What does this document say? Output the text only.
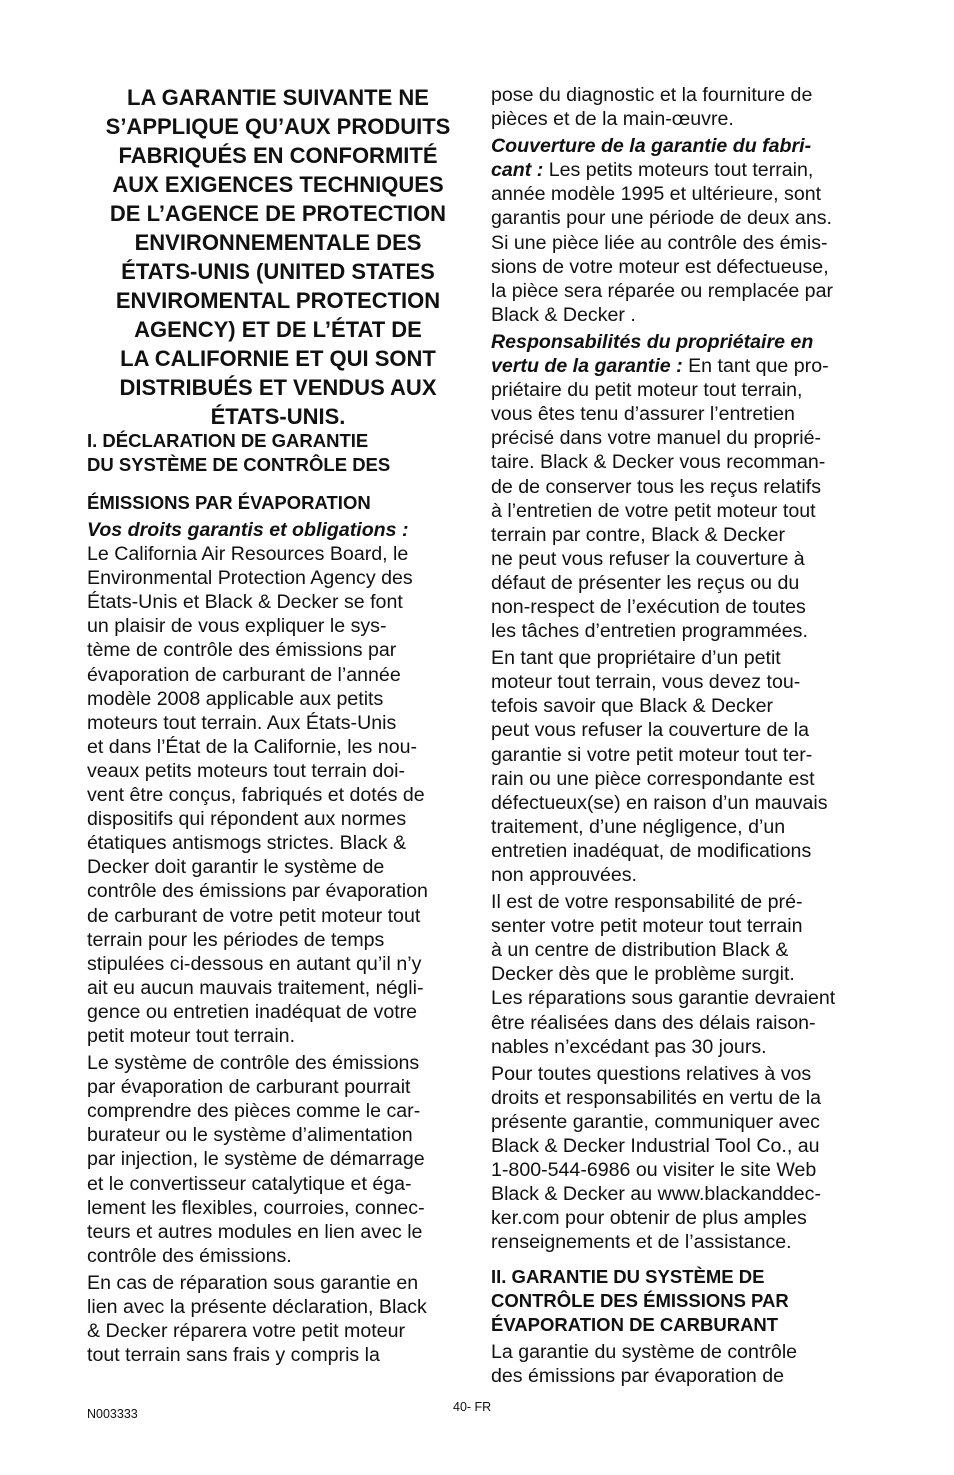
LA GARANTIE SUIVANTE NE
S’APPLIQUE QU’AUX PRODUITS
FABRIQUÉS EN CONFORMITÉ
AUX EXIGENCES TECHNIQUES
DE L’AGENCE DE PROTECTION
ENVIRONNEMENTALE DES
ÉTATS-UNIS (UNITED STATES
ENVIROMENTAL PROTECTION
AGENCY) ET DE L’ÉTAT DE
LA CALIFORNIE ET QUI SONT
DISTRIBUÉS ET VENDUS AUX
ÉTATS-UNIS.
I. DÉCLARATION DE GARANTIE
DU SYSTÈME DE CONTRÔLE DES
ÉMISSIONS PAR ÉVAPORATION
Vos droits garantis et obligations :
Le California Air Resources Board, le
Environmental Protection Agency des
États-Unis et Black & Decker se font
un plaisir de vous expliquer le sys-
tème de contrôle des émissions par
évaporation de carburant de l’année
modèle 2008 applicable aux petits
moteurs tout terrain. Aux États-Unis
et dans l’État de la Californie, les nou-
veaux petits moteurs tout terrain doi-
vent être conçus, fabriqués et dotés de
dispositifs qui répondent aux normes
étatiques antismogs strictes. Black &
Decker doit garantir le système de
contrôle des émissions par évaporation
de carburant de votre petit moteur tout
terrain pour les périodes de temps
stipulées ci-dessous en autant qu’il n’y
ait eu aucun mauvais traitement, négli-
gence ou entretien inadéquat de votre
petit moteur tout terrain.
Le système de contrôle des émissions
par évaporation de carburant pourrait
comprendre des pièces comme le car-
burateur ou le système d’alimentation
par injection, le système de démarrage
et le convertisseur catalytique et éga-
lement les flexibles, courroies, connec-
teurs et autres modules en lien avec le
contrôle des émissions.
En cas de réparation sous garantie en
lien avec la présente déclaration, Black
& Decker réparera votre petit moteur
tout terrain sans frais y compris la
pose du diagnostic et la fourniture de
pièces et de la main-œuvre.
Couverture de la garantie du fabri-
cant : Les petits moteurs tout terrain,
année modèle 1995 et ultérieure, sont
garantis pour une période de deux ans.
Si une pièce liée au contrôle des émis-
sions de votre moteur est défectueuse,
la pièce sera réparée ou remplacée par
Black & Decker .
Responsabilités du propriétaire en
vertu de la garantie : En tant que pro-
priétaire du petit moteur tout terrain,
vous êtes tenu d’assurer l’entretien
précisé dans votre manuel du proprié-
taire. Black & Decker vous recomman-
de de conserver tous les reçus relatifs
à l’entretien de votre petit moteur tout
terrain par contre, Black & Decker
ne peut vous refuser la couverture à
défaut de présenter les reçus ou du
non-respect de l’exécution de toutes
les tâches d’entretien programmées.
En tant que propriétaire d’un petit
moteur tout terrain, vous devez tou-
tefois savoir que Black & Decker
peut vous refuser la couverture de la
garantie si votre petit moteur tout ter-
rain ou une pièce correspondante est
défectueux(se) en raison d’un mauvais
traitement, d’une négligence, d’un
entretien inadéquat, de modifications
non approuvées.
Il est de votre responsabilité de pré-
senter votre petit moteur tout terrain
à un centre de distribution Black &
Decker dès que le problème surgit.
Les réparations sous garantie devraient
être réalisées dans des délais raison-
nables n’excédant pas 30 jours.
Pour toutes questions relatives à vos
droits et responsabilités en vertu de la
présente garantie, communiquer avec
Black & Decker Industrial Tool Co., au
1-800-544-6986 ou visiter le site Web
Black & Decker au www.blackanddec-
ker.com pour obtenir de plus amples
renseignements et de l’assistance.
II. GARANTIE DU SYSTÈME DE
CONTRÔLE DES ÉMISSIONS PAR
ÉVAPORATION DE CARBURANT
La garantie du système de contrôle
des émissions par évaporation de
N003333	40- FR
